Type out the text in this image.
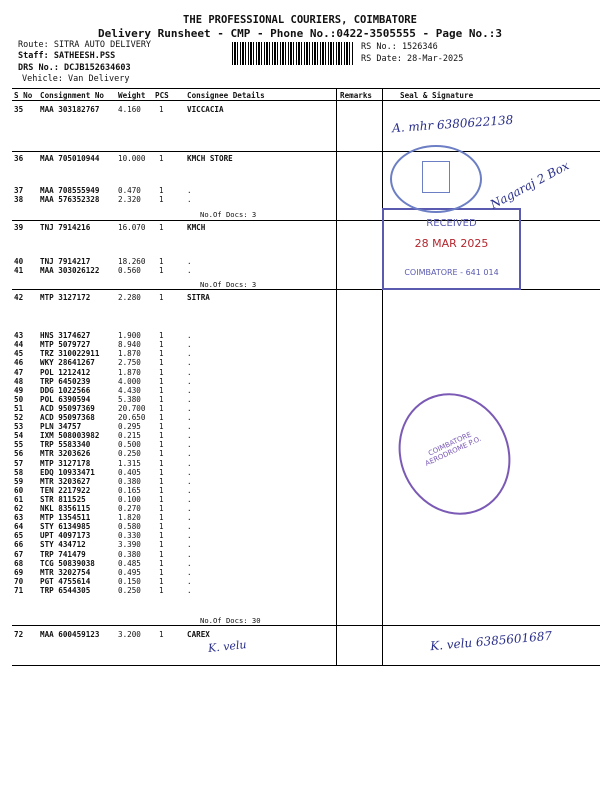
THE PROFESSIONAL COURIERS, COIMBATORE
Delivery Runsheet - CMP - Phone No.:0422-3505555 - Page No.:3
Route: SITRA AUTO DELIVERY
Staff: SATHEESH.PSS
DRS No.: DCJB152634603
Vehicle: Van Delivery
RS No.: 1526346
RS Date: 28-Mar-2025
S No Consignment No Weight PCS Consignee Details	Remarks	Seal & Signature
No.Of Docs: 3
No.Of Docs: 3
No.Of Docs: 30
RECEIVED
28 MAR 2025
COIMBATORE - 641 014
COIMBATORE AERODROME P.O.
A. mhr 6380622138
Nagaraj 2 Box
K. velu 6385601687
K. velu
35 MAA 303182767 4.160 1	VICCACIA
36 MAA 705010944 10.000 1	KMCH STORE
37 MAA 708555949 0.470 1	.
38 MAA 576352328 2.320 1	.
39 TNJ 7914216	16.070 1	KMCH
40 TNJ 7914217	18.260 1	.
41 MAA 303026122 0.560 1	.
42 MTP 3127172	2.280 1	SITRA
43 HNS 3174627	1.900 1	.
44 MTP 5079727	8.940 1	.
45 TRZ 310022911 1.870 1	.
46 WKY 28641267	2.750 1	.
47 POL 1212412	1.870 1	.
48 TRP 6450239	4.000 1	.
49 DDG 1022566	4.430 1	.
50 POL 6390594	5.380 1	.
51 ACD 95097369	20.700 1	.
52 ACD 95097368	20.650 1	.
53 PLN 34757	0.295 1	.
54 IXM 508003982 0.215 1	.
55 TRP 5583340	0.500 1	.
56 MTR 3203626	0.250 1	.
57 MTP 3127178	1.315 1	.
58 EDQ 10933471	0.405 1	.
59 MTR 3203627	0.380 1	.
60 TEN 2217922	0.165 1	.
61 STR 811525	0.100 1	.
62 NKL 8356115	0.270 1	.
63 MTP 1354511	1.820 1	.
64 STY 6134985	0.580 1	.
65 UPT 4097173	0.330 1	.
66 STY 434712	3.390 1	.
67 TRP 741479	0.380 1	.
68 TCG 50839038	0.485 1	.
69 MTR 3202754	0.495 1	.
70 PGT 4755614	0.150 1	.
71 TRP 6544305	0.250 1	.
72 MAA 600459123 3.200 1	CAREX
